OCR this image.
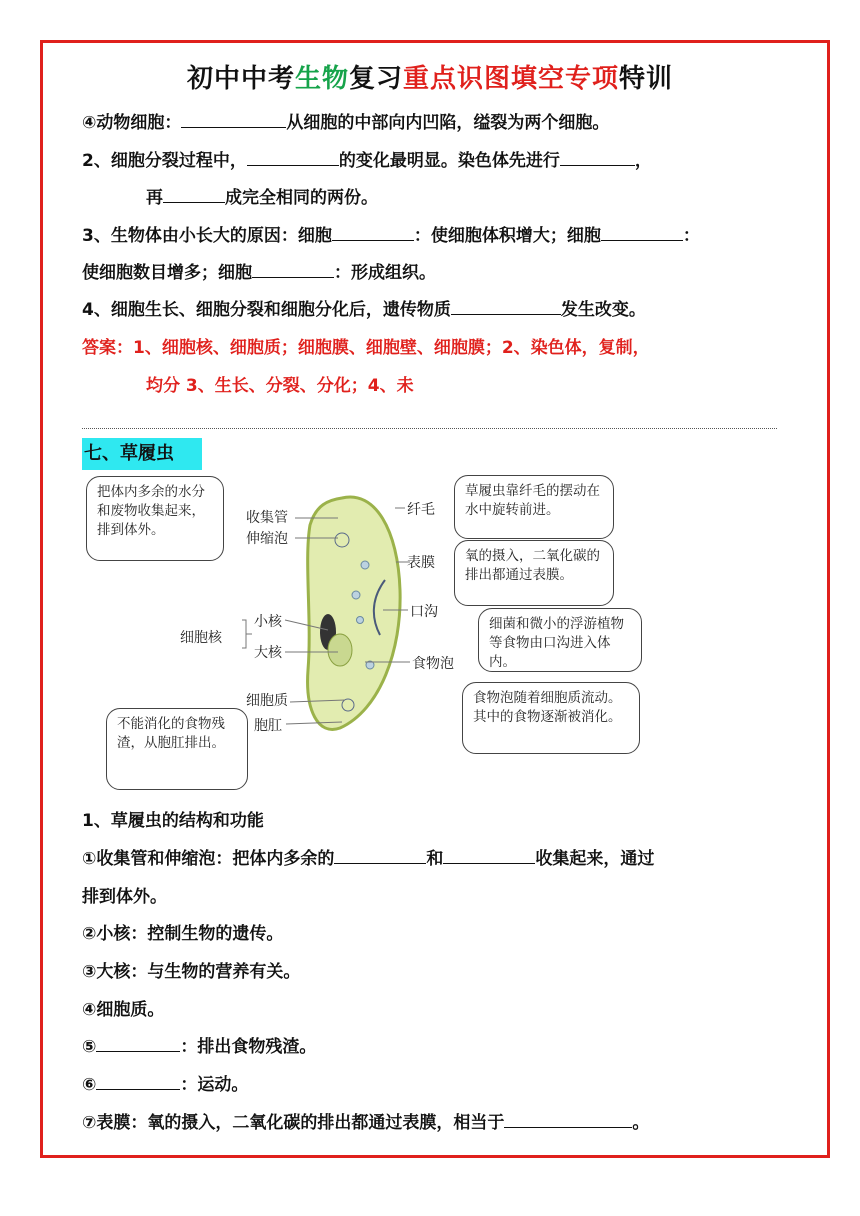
初中中考生物复习重点识图填空专项特训
④动物细胞：	从细胞的中部向内凹陷，缢裂为两个细胞。
2、细胞分裂过程中，	的变化最明显。染色体先进行	，
再	成完全相同的两份。
3、生物体由小长大的原因：细胞	：使细胞体积增大；细胞	：
使细胞数目增多；细胞	：形成组织。
4、细胞生长、细胞分裂和细胞分化后，遗传物质	发生改变。
答案：1、细胞核、细胞质；细胞膜、细胞壁、细胞膜；2、染色体，复制，
均分 3、生长、分裂、分化；4、未
七、草履虫
把体内多余的水分和废物收集起来，排到体外。
草履虫靠纤毛的摆动在水中旋转前进。
氧的摄入，二氧化碳的排出都通过表膜。
细菌和微小的浮游植物等食物由口沟进入体内。
食物泡随着细胞质流动。其中的食物逐渐被消化。
不能消化的食物残渣，从胞肛排出。
收集管
伸缩泡
小核
大核
细胞核
细胞质
胞肛
纤毛
表膜
口沟
食物泡
1、草履虫的结构和功能
①收集管和伸缩泡：把体内多余的	和	收集起来，通过
排到体外。
②小核：控制生物的遗传。
③大核：与生物的营养有关。
④细胞质。
⑤	：排出食物残渣。
⑥	：运动。
⑦表膜：氧的摄入，二氧化碳的排出都通过表膜，相当于	。
